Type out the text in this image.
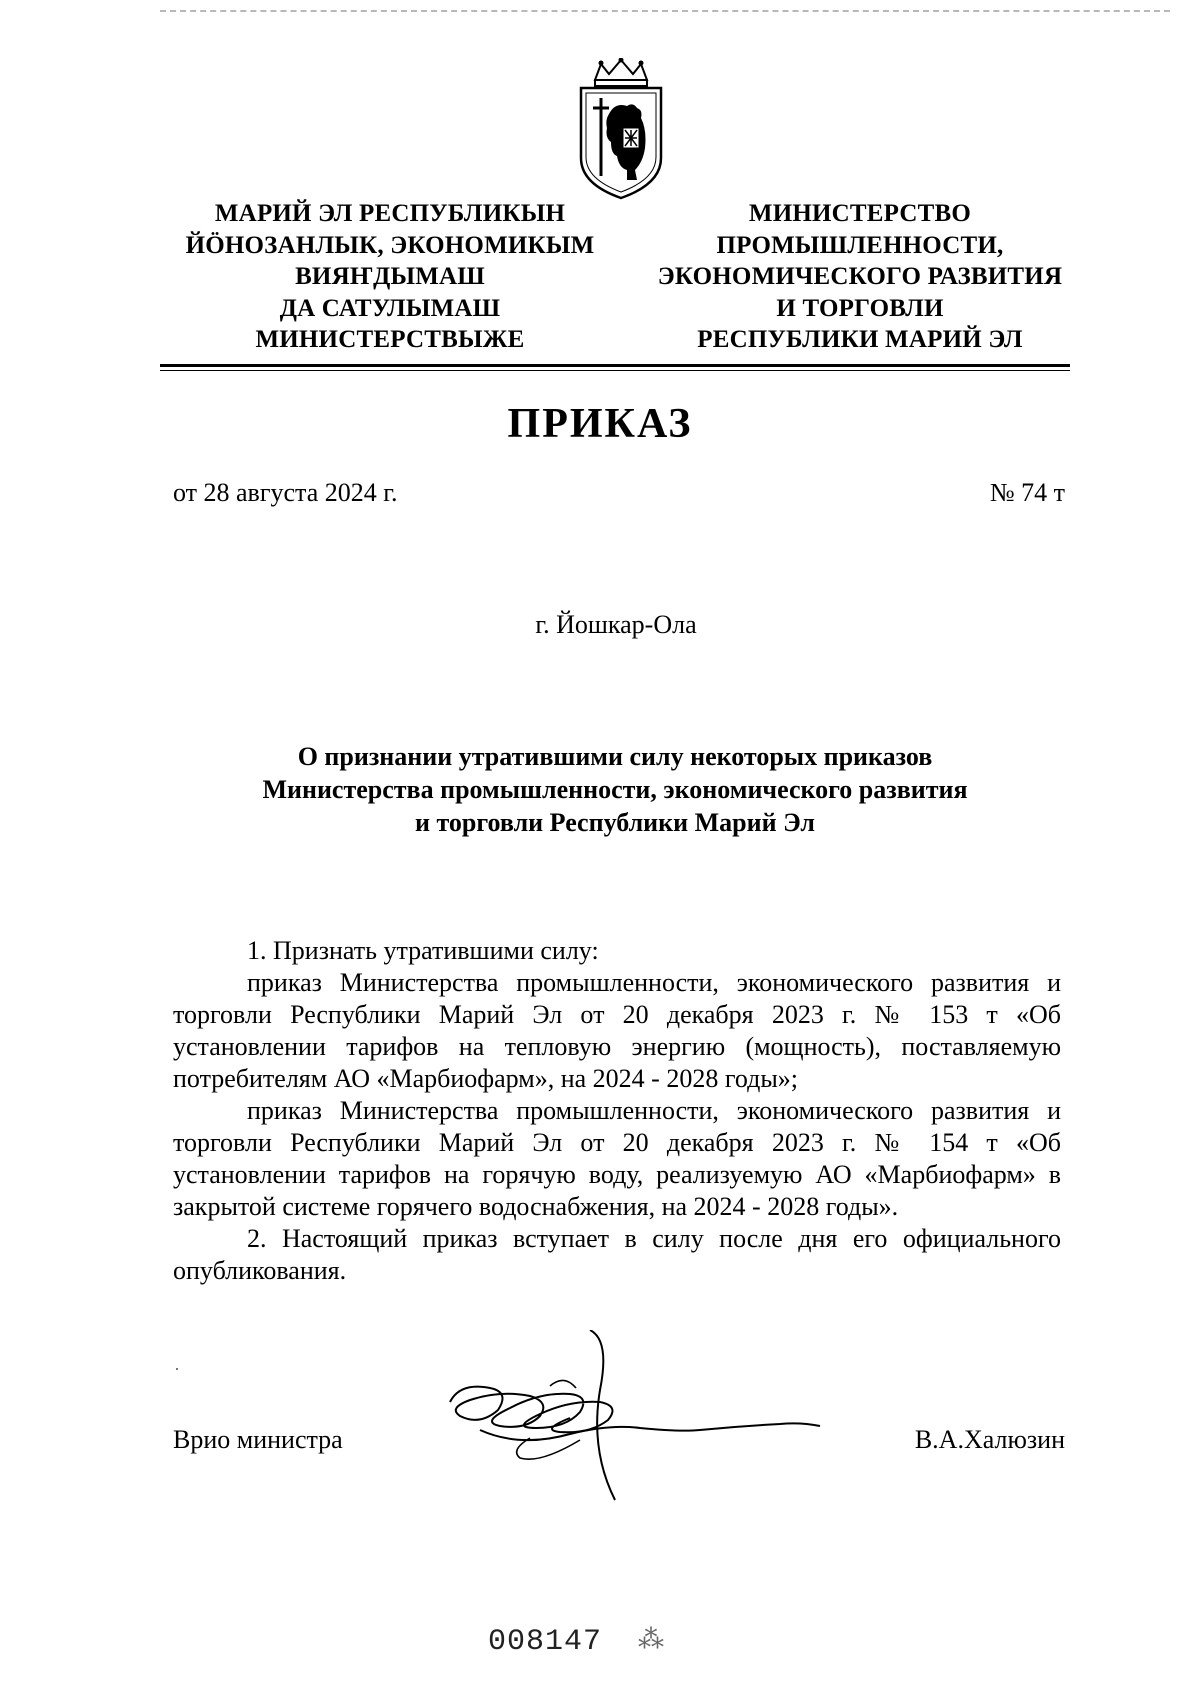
МАРИЙ ЭЛ РЕСПУБЛИКЫН
ЙӦНОЗАНЛЫК, ЭКОНОМИКЫМ
ВИЯҤДЫМАШ
ДА САТУЛЫМАШ
МИНИСТЕРСТВЫЖЕ
МИНИСТЕРСТВО
ПРОМЫШЛЕННОСТИ,
ЭКОНОМИЧЕСКОГО РАЗВИТИЯ
И ТОРГОВЛИ
РЕСПУБЛИКИ МАРИЙ ЭЛ
ПРИКАЗ
от 28 августа 2024 г.	№ 74 т
г. Йошкар-Ола
О признании утратившими силу некоторых приказов
Министерства промышленности, экономического развития
и торговли Республики Марий Эл

1. Признать утратившими силу:

приказ Министерства промышленности, экономического развития и торговли Республики Марий Эл от 20 декабря 2023 г. № 153 т «Об установлении тарифов на тепловую энергию (мощность), поставляемую потребителям АО «Марбиофарм», на 2024 - 2028 годы»;

приказ Министерства промышленности, экономического развития и торговли Республики Марий Эл от 20 декабря 2023 г. № 154 т «Об установлении тарифов на горячую воду, реализуемую АО «Марбиофарм» в закрытой системе горячего водоснабжения, на 2024 - 2028 годы».

2. Настоящий приказ вступает в силу после дня его официального опубликования.

Врио министра	В.А.Халюзин
008147 ⁂
